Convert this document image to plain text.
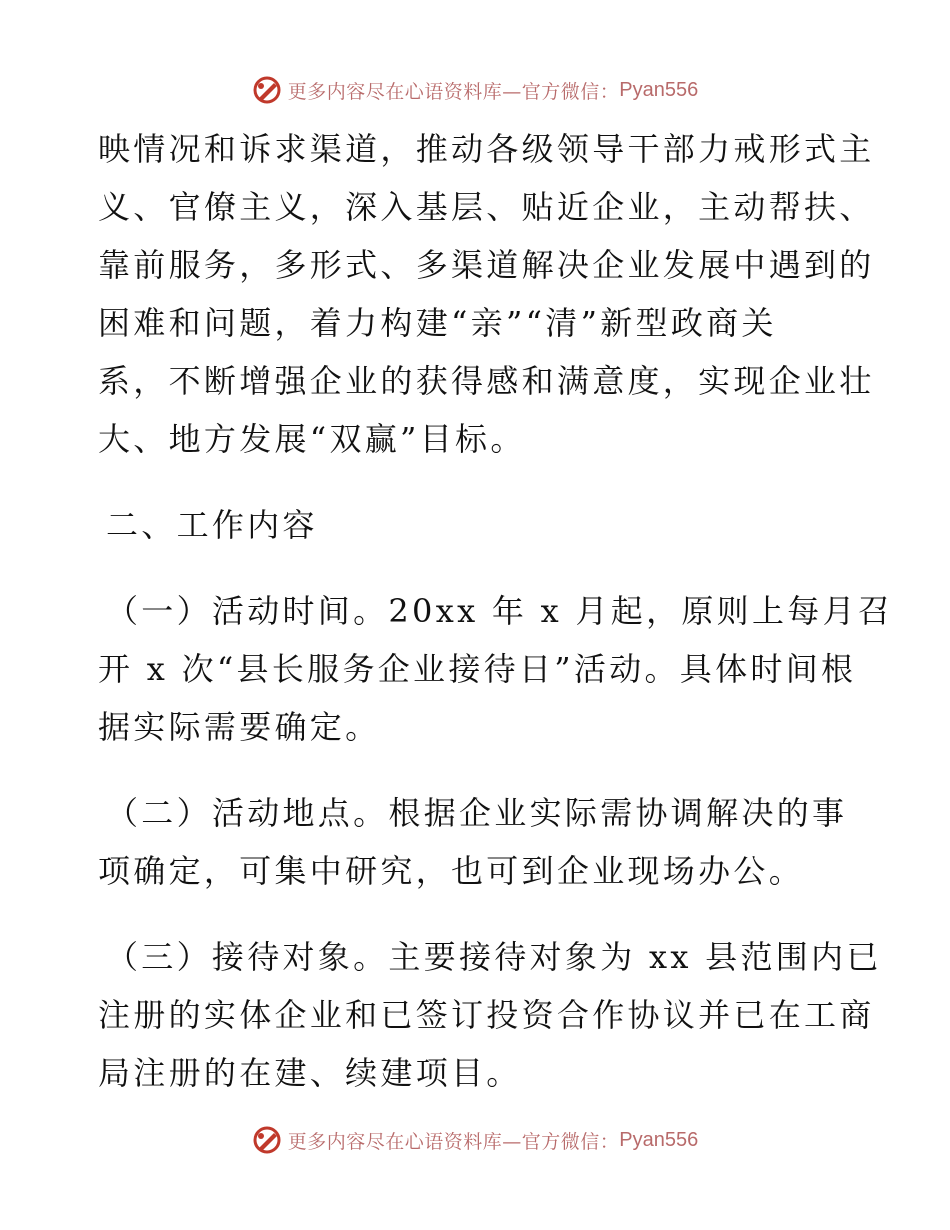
更多内容尽在心语资料库—官方微信： Pyan556
映情况和诉求渠道，推动各级领导干部力戒形式主
义、官僚主义，深入基层、贴近企业，主动帮扶、
靠前服务，多形式、多渠道解决企业发展中遇到的
困难和问题，着力构建“亲”“清”新型政商关
系，不断增强企业的获得感和满意度，实现企业壮
大、地方发展“双赢”目标。
二、工作内容
（一）活动时间。20xx 年 x 月起，原则上每月召
开 x 次“县长服务企业接待日”活动。具体时间根
据实际需要确定。
（二）活动地点。根据企业实际需协调解决的事
项确定，可集中研究，也可到企业现场办公。
（三）接待对象。主要接待对象为 xx 县范围内已
注册的实体企业和已签订投资合作协议并已在工商
局注册的在建、续建项目。
更多内容尽在心语资料库—官方微信： Pyan556
